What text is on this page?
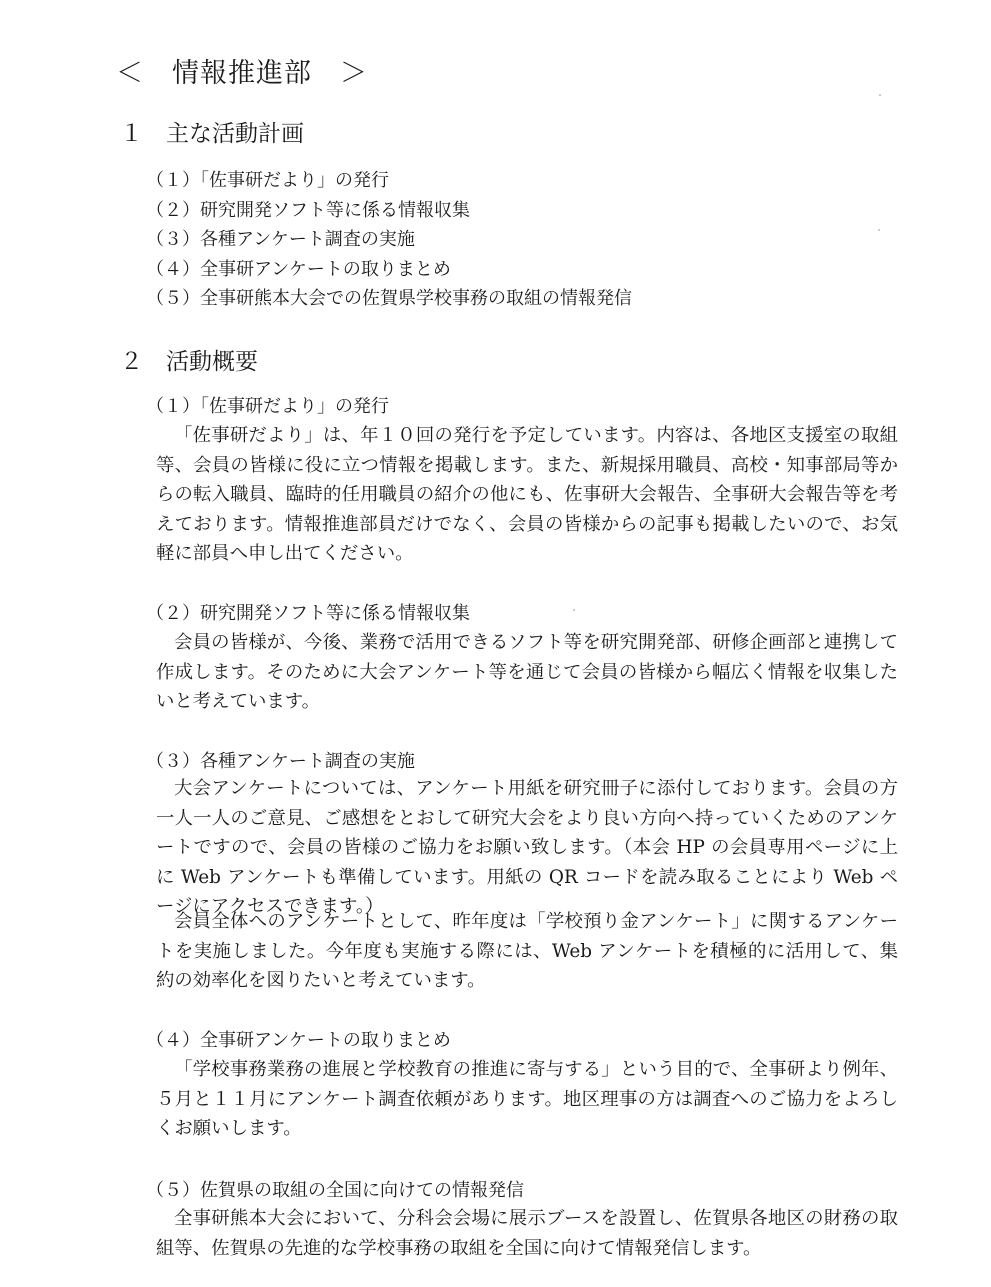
＜　情報推進部　＞
１　主な活動計画
（１）「佐事研だより」の発行
（２）研究開発ソフト等に係る情報収集
（３）各種アンケート調査の実施
（４）全事研アンケートの取りまとめ
（５）全事研熊本大会での佐賀県学校事務の取組の情報発信
２　活動概要
（１）「佐事研だより」の発行

「佐事研だより」は、年１０回の発行を予定しています。内容は、各地区支援室の取組等、会員の皆様に役に立つ情報を掲載します。また、新規採用職員、高校・知事部局等からの転入職員、臨時的任用職員の紹介の他にも、佐事研大会報告、全事研大会報告等を考えております。情報推進部員だけでなく、会員の皆様からの記事も掲載したいので、お気軽に部員へ申し出てください。

（２）研究開発ソフト等に係る情報収集

会員の皆様が、今後、業務で活用できるソフト等を研究開発部、研修企画部と連携して作成します。そのために大会アンケート等を通じて会員の皆様から幅広く情報を収集したいと考えています。

（３）各種アンケート調査の実施

大会アンケートについては、アンケート用紙を研究冊子に添付しております。会員の方一人一人のご意見、ご感想をとおして研究大会をより良い方向へ持っていくためのアンケートですので、会員の皆様のご協力をお願い致します。（本会 HP の会員専用ページに上に Web アンケートも準備しています。用紙の QR コードを読み取ることにより Web ページにアクセスできます。）

会員全体へのアンケートとして、昨年度は「学校預り金アンケート」に関するアンケートを実施しました。今年度も実施する際には、Web アンケートを積極的に活用して、集約の効率化を図りたいと考えています。

（４）全事研アンケートの取りまとめ

「学校事務業務の進展と学校教育の推進に寄与する」という目的で、全事研より例年、５月と１１月にアンケート調査依頼があります。地区理事の方は調査へのご協力をよろしくお願いします。

（５）佐賀県の取組の全国に向けての情報発信

全事研熊本大会において、分科会会場に展示ブースを設置し、佐賀県各地区の財務の取組等、佐賀県の先進的な学校事務の取組を全国に向けて情報発信します。
